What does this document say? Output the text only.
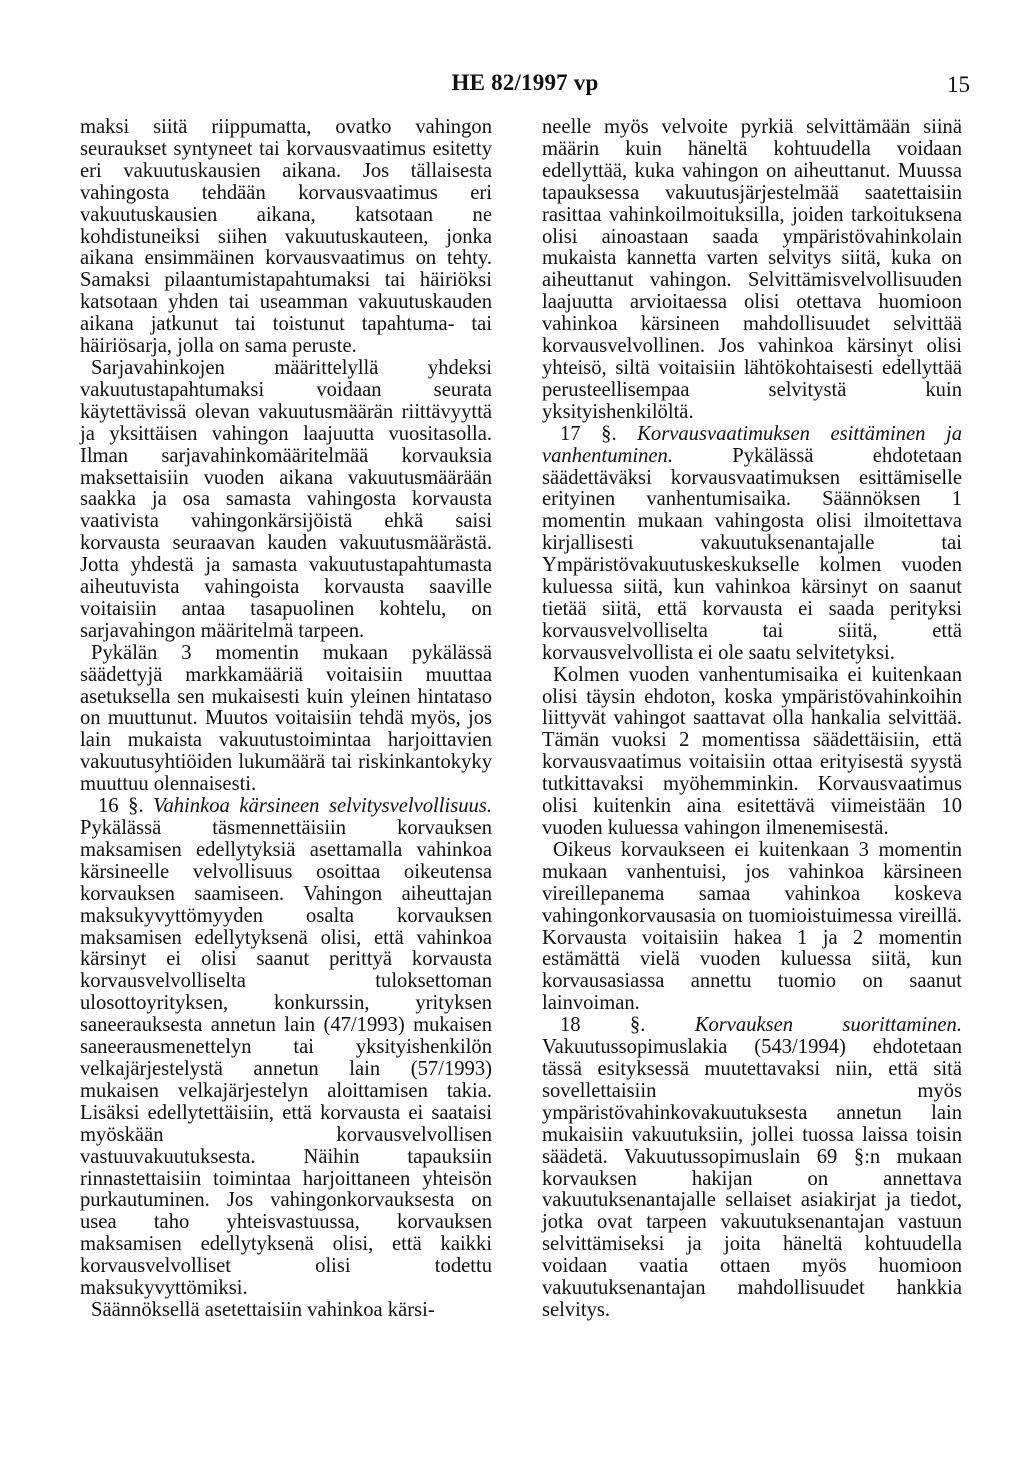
HE 82/1997 vp	15

maksi siitä riippumatta, ovatko vahingon seuraukset syntyneet tai korvausvaatimus esitetty eri vakuutuskausien aikana. Jos tällaisesta vahingosta tehdään korvausvaatimus eri vakuutuskausien aikana, katsotaan ne kohdistuneiksi siihen vakuutuskauteen, jonka aikana ensimmäinen korvausvaatimus on tehty. Samaksi pilaantumistapahtumaksi tai häiriöksi katsotaan yhden tai useamman vakuutuskauden aikana jatkunut tai toistunut tapahtuma- tai häiriösarja, jolla on sama peruste.

Sarjavahinkojen määrittelyllä yhdeksi vakuutustapahtumaksi voidaan seurata käytettävissä olevan vakuutusmäärän riittävyyttä ja yksittäisen vahingon laajuutta vuositasolla. Ilman sarjavahinkomääritelmää korvauksia maksettaisiin vuoden aikana vakuutusmäärään saakka ja osa samasta vahingosta korvausta vaativista vahingonkärsijöistä ehkä saisi korvausta seuraavan kauden vakuutusmäärästä. Jotta yhdestä ja samasta vakuutustapahtumasta aiheutuvista vahingoista korvausta saaville voitaisiin antaa tasapuolinen kohtelu, on sarjavahingon määritelmä tarpeen.

Pykälän 3 momentin mukaan pykälässä säädettyjä markkamääriä voitaisiin muuttaa asetuksella sen mukaisesti kuin yleinen hintataso on muuttunut. Muutos voitaisiin tehdä myös, jos lain mukaista vakuutustoimintaa harjoittavien vakuutusyhtiöiden lukumäärä tai riskinkantokyky muuttuu olennaisesti.

16 §. Vahinkoa kärsineen selvitysvelvollisuus. Pykälässä täsmennettäisiin korvauksen maksamisen edellytyksiä asettamalla vahinkoa kärsineelle velvollisuus osoittaa oikeutensa korvauksen saamiseen. Vahingon aiheuttajan maksukyvyttömyyden osalta korvauksen maksamisen edellytyksenä olisi, että vahinkoa kärsinyt ei olisi saanut perittyä korvausta korvausvelvolliselta tuloksettoman ulosottoyrityksen, konkurssin, yrityksen saneerauksesta annetun lain (47/1993) mukaisen saneerausmenettelyn tai yksityishenkilön velkajärjestelystä annetun lain (57/1993) mukaisen velkajärjestelyn aloittamisen takia. Lisäksi edellytettäisiin, että korvausta ei saataisi myöskään korvausvelvollisen vastuuvakuutuksesta. Näihin tapauksiin rinnastettaisiin toimintaa harjoittaneen yhteisön purkautuminen. Jos vahingonkorvauksesta on usea taho yhteisvastuussa, korvauksen maksamisen edellytyksenä olisi, että kaikki korvausvelvolliset olisi todettu maksukyvyttömiksi.

Säännöksellä asetettaisiin vahinkoa kärsi-

neelle myös velvoite pyrkiä selvittämään siinä määrin kuin häneltä kohtuudella voidaan edellyttää, kuka vahingon on aiheuttanut. Muussa tapauksessa vakuutusjärjestelmää saatettaisiin rasittaa vahinkoilmoituksilla, joiden tarkoituksena olisi ainoastaan saada ympäristövahinkolain mukaista kannetta varten selvitys siitä, kuka on aiheuttanut vahingon. Selvittämisvelvollisuuden laajuutta arvioitaessa olisi otettava huomioon vahinkoa kärsineen mahdollisuudet selvittää korvausvelvollinen. Jos vahinkoa kärsinyt olisi yhteisö, siltä voitaisiin lähtökohtaisesti edellyttää perusteellisempaa selvitystä kuin yksityishenkilöltä.

17 §. Korvausvaatimuksen esittäminen ja vanhentuminen. Pykälässä ehdotetaan säädettäväksi korvausvaatimuksen esittämiselle erityinen vanhentumisaika. Säännöksen 1 momentin mukaan vahingosta olisi ilmoitettava kirjallisesti vakuutuksenantajalle tai Ympäristövakuutuskeskukselle kolmen vuoden kuluessa siitä, kun vahinkoa kärsinyt on saanut tietää siitä, että korvausta ei saada perityksi korvausvelvolliselta tai siitä, että korvausvelvollista ei ole saatu selvitetyksi.

Kolmen vuoden vanhentumisaika ei kuitenkaan olisi täysin ehdoton, koska ympäristövahinkoihin liittyvät vahingot saattavat olla hankalia selvittää. Tämän vuoksi 2 momentissa säädettäisiin, että korvausvaatimus voitaisiin ottaa erityisestä syystä tutkittavaksi myöhemminkin. Korvausvaatimus olisi kuitenkin aina esitettävä viimeistään 10 vuoden kuluessa vahingon ilmenemisestä.

Oikeus korvaukseen ei kuitenkaan 3 momentin mukaan vanhentuisi, jos vahinkoa kärsineen vireillepanema samaa vahinkoa koskeva vahingonkorvausasia on tuomioistuimessa vireillä. Korvausta voitaisiin hakea 1 ja 2 momentin estämättä vielä vuoden kuluessa siitä, kun korvausasiassa annettu tuomio on saanut lainvoiman.

18 §. Korvauksen suorittaminen. Vakuutussopimuslakia (543/1994) ehdotetaan tässä esityksessä muutettavaksi niin, että sitä sovellettaisiin myös ympäristövahinkovakuutuksesta annetun lain mukaisiin vakuutuksiin, jollei tuossa laissa toisin säädetä. Vakuutussopimuslain 69 §:n mukaan korvauksen hakijan on annettava vakuutuksenantajalle sellaiset asiakirjat ja tiedot, jotka ovat tarpeen vakuutuksenantajan vastuun selvittämiseksi ja joita häneltä kohtuudella voidaan vaatia ottaen myös huomioon vakuutuksenantajan mahdollisuudet hankkia selvitys.
